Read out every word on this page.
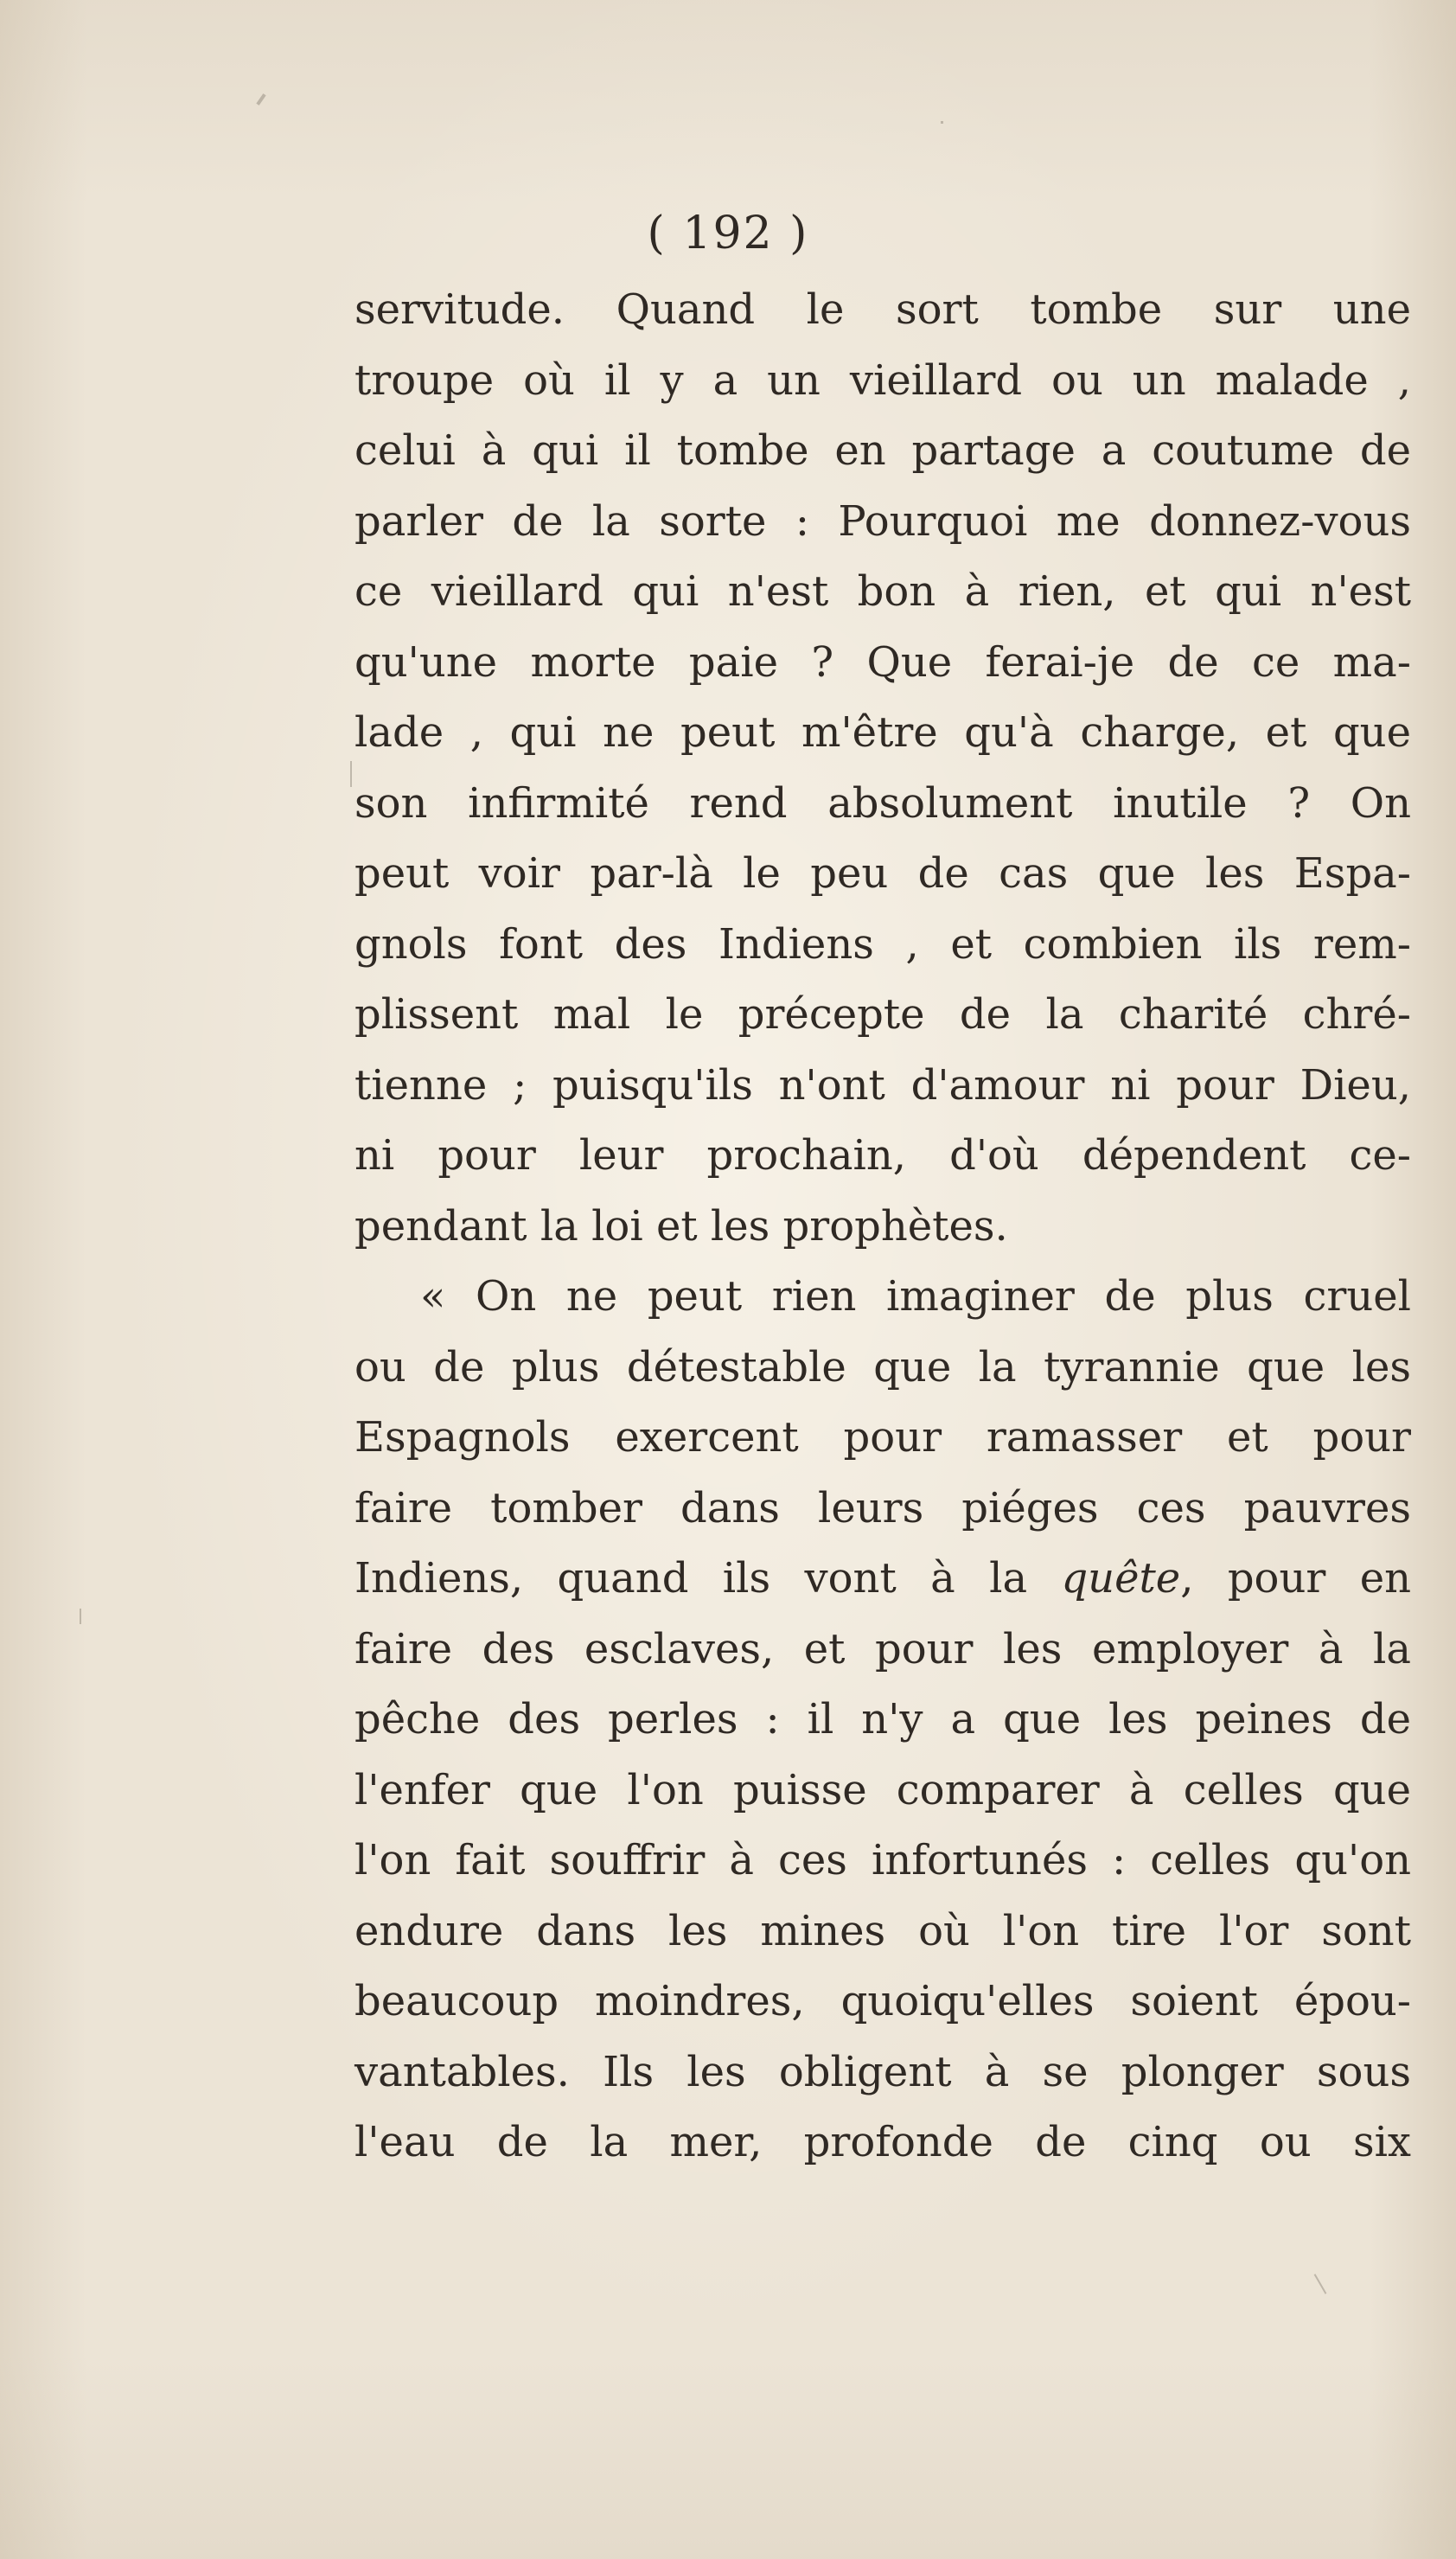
( 192 )
servitude. Quand le sort tombe sur une
troupe où il y a un vieillard ou un malade ,
celui à qui il tombe en partage a coutume de
parler de la sorte : Pourquoi me donnez-vous
ce vieillard qui n'est bon à rien, et qui n'est
qu'une morte paie ? Que ferai-je de ce ma-
lade , qui ne peut m'être qu'à charge, et que
son infirmité rend absolument inutile ? On
peut voir par-là le peu de cas que les Espa-
gnols font des Indiens , et combien ils rem-
plissent mal le précepte de la charité chré-
tienne ; puisqu'ils n'ont d'amour ni pour Dieu,
ni pour leur prochain, d'où dépendent ce-
pendant la loi et les prophètes.
« On ne peut rien imaginer de plus cruel
ou de plus détestable que la tyrannie que les
Espagnols exercent pour ramasser et pour
faire tomber dans leurs piéges ces pauvres
Indiens, quand ils vont à la quête, pour en
faire des esclaves, et pour les employer à la
pêche des perles : il n'y a que les peines de
l'enfer que l'on puisse comparer à celles que
l'on fait souffrir à ces infortunés : celles qu'on
endure dans les mines où l'on tire l'or sont
beaucoup moindres, quoiqu'elles soient épou-
vantables. Ils les obligent à se plonger sous
l'eau de la mer, profonde de cinq ou six
